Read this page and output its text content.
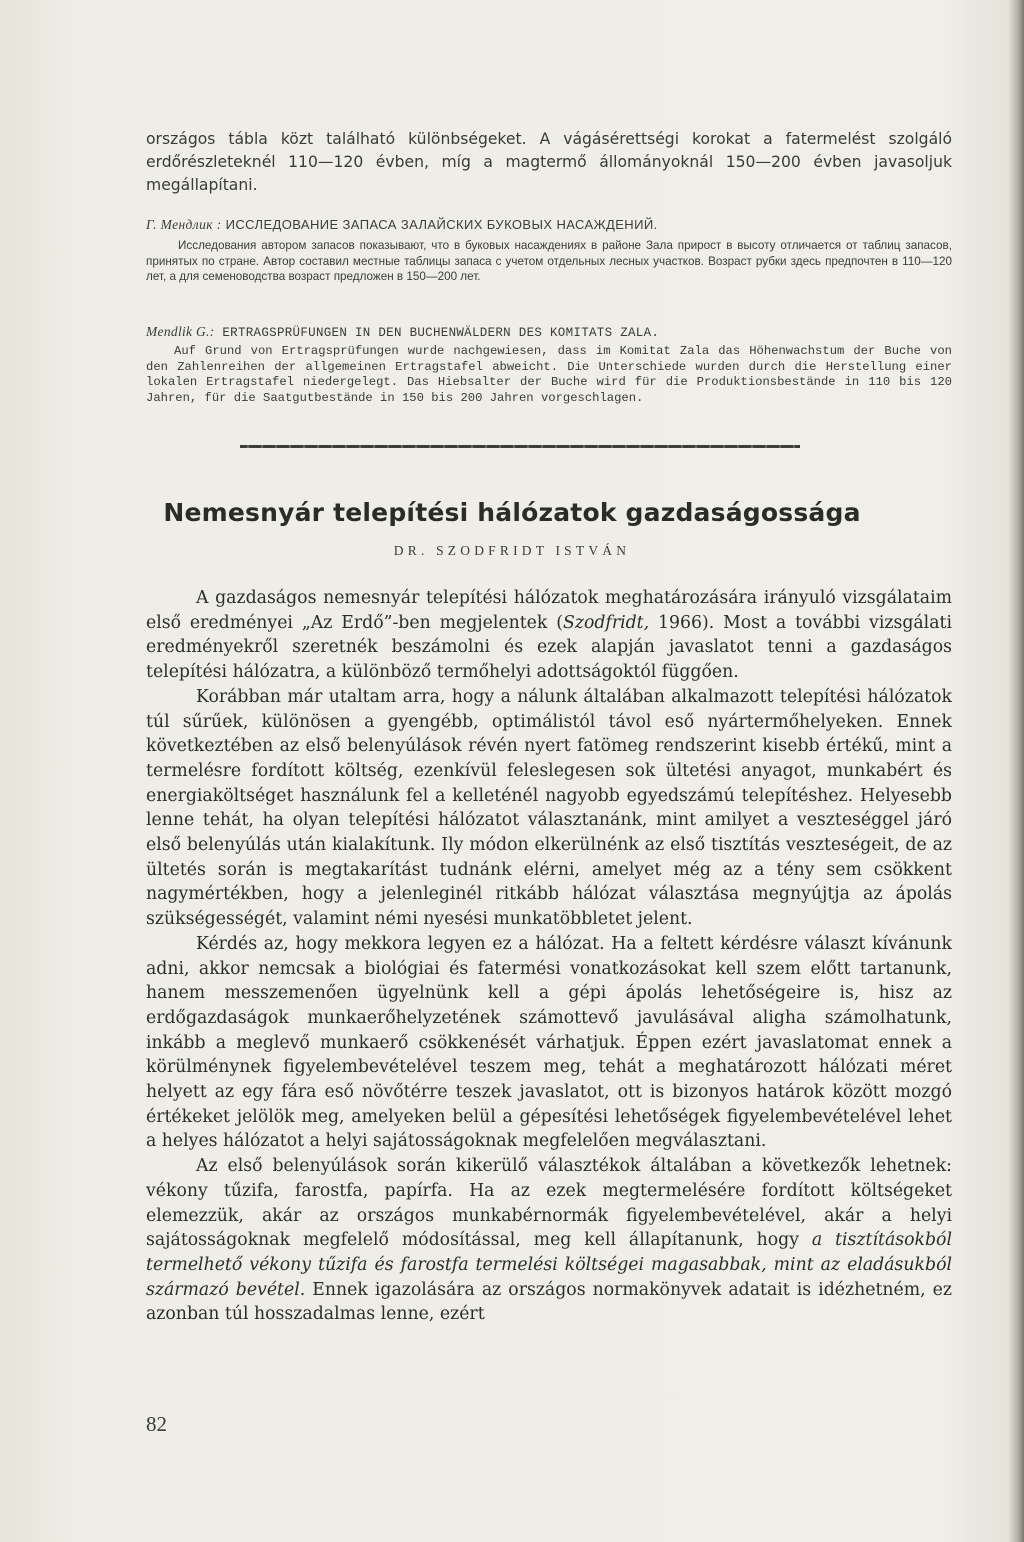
országos tábla közt található különbségeket. A vágásérettségi korokat a fatermelést szolgáló erdőrészleteknél 110—120 évben, míg a magtermő állományoknál 150—200 évben javasoljuk megállapítani.
Г. Мендлик : ИССЛЕДОВАНИЕ ЗАПАСА ЗАЛАЙСКИХ БУКОВЫХ НАСАЖДЕНИЙ.
Исследования автором запасов показывают, что в буковых насаждениях в районе Зала прирост в высоту отличается от таблиц запасов, принятых по стране. Автор составил местные таблицы запаса с учетом отдельных лесных участков. Возраст рубки здесь предпочтен в 110—120 лет, а для семеноводства возраст предложен в 150—200 лет.
Mendlik G.: ERTRAGSPRÜFUNGEN IN DEN BUCHENWÄLDERN DES KOMITATS ZALA.
Auf Grund von Ertragsprüfungen wurde nachgewiesen, dass im Komitat Zala das Höhenwachstum der Buche von den Zahlenreihen der allgemeinen Ertragstafel abweicht. Die Unterschiede wurden durch die Herstellung einer lokalen Ertragstafel niedergelegt. Das Hiebsalter der Buche wird für die Produktionsbestände in 110 bis 120 Jahren, für die Saatgutbestände in 150 bis 200 Jahren vorgeschlagen.
Nemesnyár telepítési hálózatok gazdaságossága
DR. SZODFRIDT ISTVÁN

A gazdaságos nemesnyár telepítési hálózatok meghatározására irányuló vizsgálataim első eredményei „Az Erdő”-ben megjelentek (Szodfridt, 1966). Most a további vizsgálati eredményekről szeretnék beszámolni és ezek alapján javaslatot tenni a gazdaságos telepítési hálózatra, a különböző termőhelyi adottságoktól függően.

Korábban már utaltam arra, hogy a nálunk általában alkalmazott telepítési hálózatok túl sűrűek, különösen a gyengébb, optimálistól távol eső nyártermőhelyeken. Ennek következtében az első belenyúlások révén nyert fatömeg rendszerint kisebb értékű, mint a termelésre fordított költség, ezenkívül feleslegesen sok ültetési anyagot, munkabért és energiaköltséget használunk fel a kelleténél nagyobb egyedszámú telepítéshez. Helyesebb lenne tehát, ha olyan telepítési hálózatot választanánk, mint amilyet a veszteséggel járó első belenyúlás után kialakítunk. Ily módon elkerülnénk az első tisztítás veszteségeit, de az ültetés során is megtakarítást tudnánk elérni, amelyet még az a tény sem csökkent nagymértékben, hogy a jelenleginél ritkább hálózat választása megnyújtja az ápolás szükségességét, valamint némi nyesési munkatöbbletet jelent.

Kérdés az, hogy mekkora legyen ez a hálózat. Ha a feltett kérdésre választ kívánunk adni, akkor nemcsak a biológiai és fatermési vonatkozásokat kell szem előtt tartanunk, hanem messzemenően ügyelnünk kell a gépi ápolás lehetőségeire is, hisz az erdőgazdaságok munkaerőhelyzetének számottevő javulásával aligha számolhatunk, inkább a meglevő munkaerő csökkenését várhatjuk. Éppen ezért javaslatomat ennek a körülménynek figyelembevételével teszem meg, tehát a meghatározott hálózati méret helyett az egy fára eső növőtérre teszek javaslatot, ott is bizonyos határok között mozgó értékeket jelölök meg, amelyeken belül a gépesítési lehetőségek figyelembevételével lehet a helyes hálózatot a helyi sajátosságoknak megfelelően megválasztani.

Az első belenyúlások során kikerülő választékok általában a következők lehetnek: vékony tűzifa, farostfa, papírfa. Ha az ezek megtermelésére fordított költségeket elemezzük, akár az országos munkabérnormák figyelembevételével, akár a helyi sajátosságoknak megfelelő módosítással, meg kell állapítanunk, hogy a tisztításokból termelhető vékony tűzifa és farostfa termelési költségei magasabbak, mint az eladásukból származó bevétel. Ennek igazolására az országos normakönyvek adatait is idézhetném, ez azonban túl hosszadalmas lenne, ezért

82
